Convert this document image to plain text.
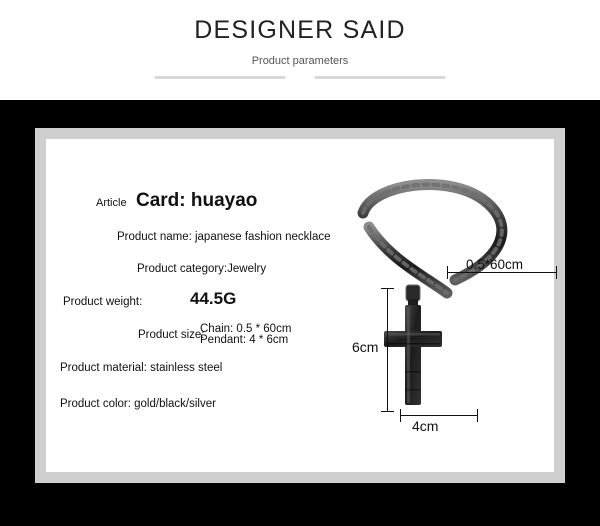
DESIGNER SAID
Product parameters
Article Card: huayao
Product name: japanese fashion necklace
Product category:Jewelry
Product weight:	44.5G
Product size:
Chain: 0.5 * 60cm
Pendant: 4 * 6cm
Product material: stainless steel
Product color: gold/black/silver
0.5*60cm
6cm
4cm
